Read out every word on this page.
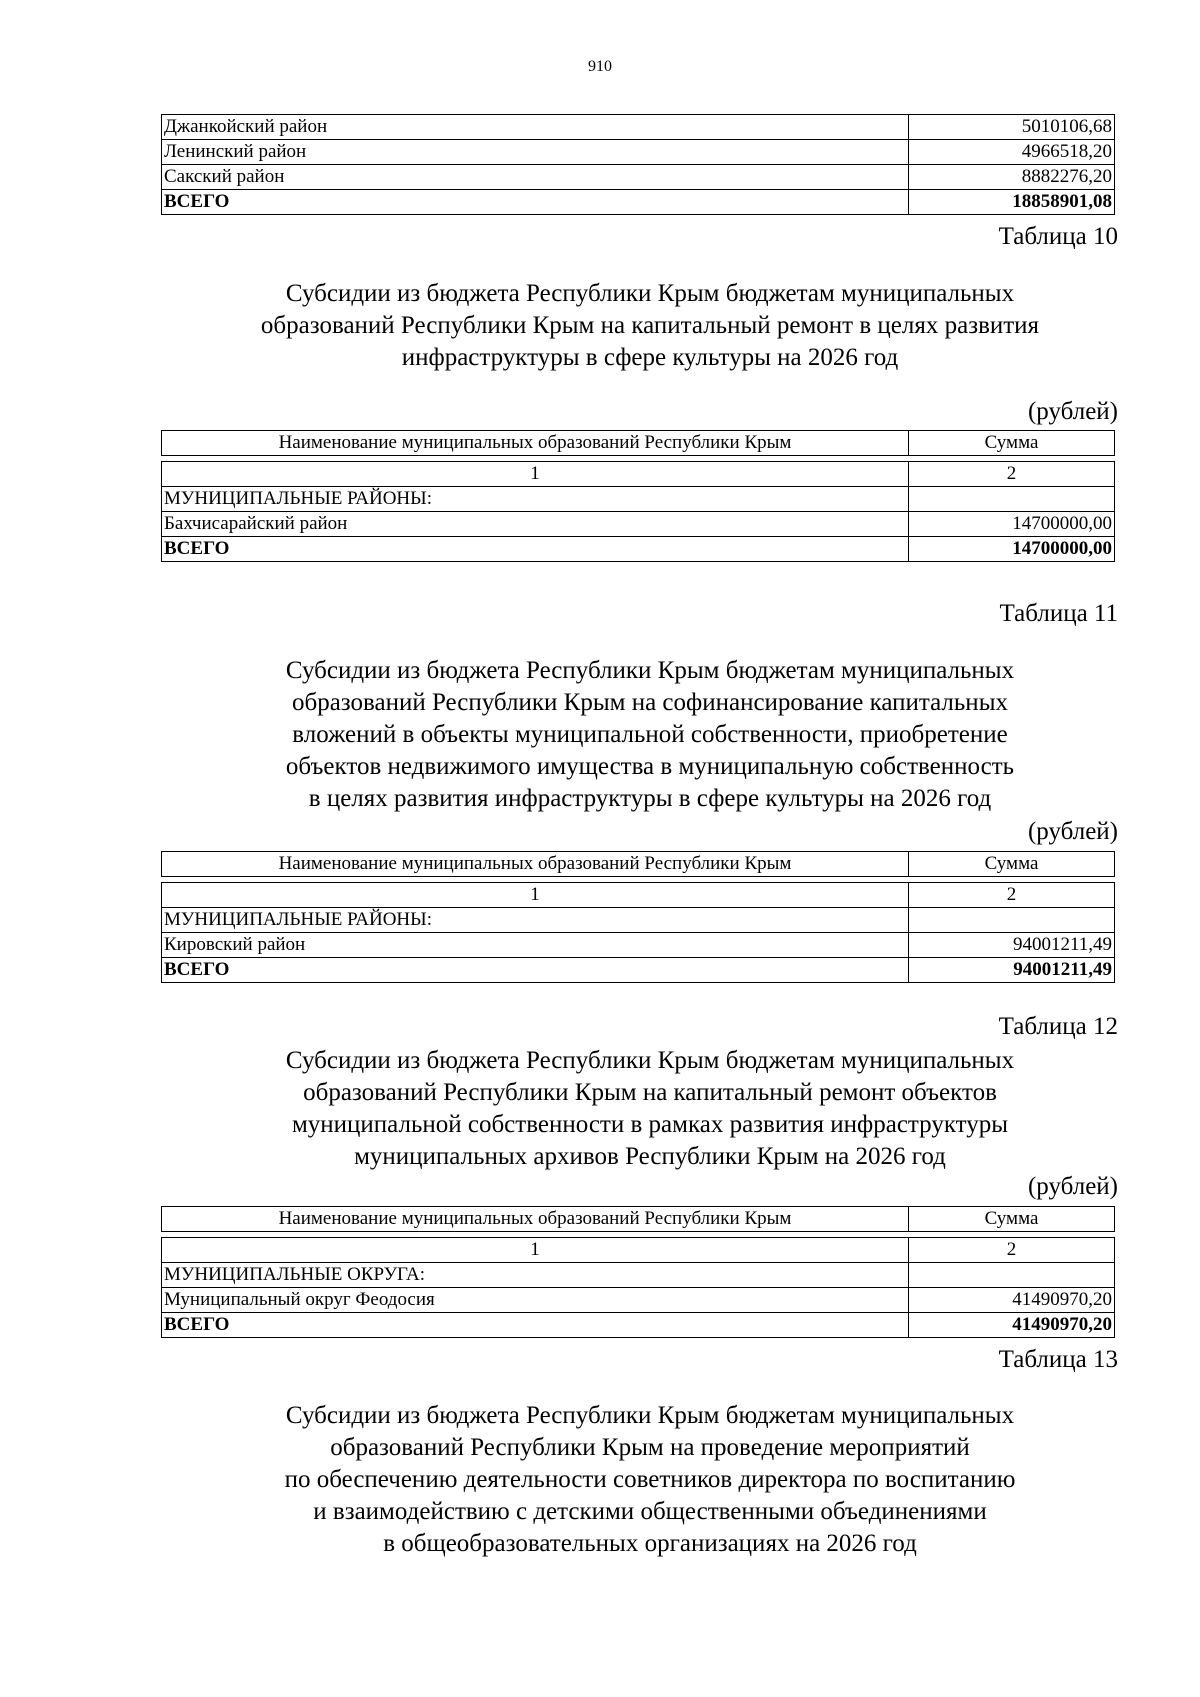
910
Джанкойский район	5010106,68
Ленинский район	4966518,20
Сакский район	8882276,20
ВСЕГО	18858901,08
Таблица 10
Субсидии из бюджета Республики Крым бюджетам муниципальных
образований Республики Крым на капитальный ремонт в целях развития
инфраструктуры в сфере культуры на 2026 год
(рублей)
Наименование муниципальных образований Республики Крым	Сумма

1	2
МУНИЦИПАЛЬНЫЕ РАЙОНЫ:	
Бахчисарайский район	14700000,00
ВСЕГО	14700000,00
Таблица 11
Субсидии из бюджета Республики Крым бюджетам муниципальных
образований Республики Крым на софинансирование капитальных
вложений в объекты муниципальной собственности, приобретение
объектов недвижимого имущества в муниципальную собственность
в целях развития инфраструктуры в сфере культуры на 2026 год
(рублей)
Наименование муниципальных образований Республики Крым	Сумма

1	2
МУНИЦИПАЛЬНЫЕ РАЙОНЫ:	
Кировский район	94001211,49
ВСЕГО	94001211,49
Таблица 12
Субсидии из бюджета Республики Крым бюджетам муниципальных
образований Республики Крым на капитальный ремонт объектов
муниципальной собственности в рамках развития инфраструктуры
муниципальных архивов Республики Крым на 2026 год
(рублей)
Наименование муниципальных образований Республики Крым	Сумма

1	2
МУНИЦИПАЛЬНЫЕ ОКРУГА:	
Муниципальный округ Феодосия	41490970,20
ВСЕГО	41490970,20
Таблица 13
Субсидии из бюджета Республики Крым бюджетам муниципальных
образований Республики Крым на проведение мероприятий
по обеспечению деятельности советников директора по воспитанию
и взаимодействию с детскими общественными объединениями
в общеобразовательных организациях на 2026 год
